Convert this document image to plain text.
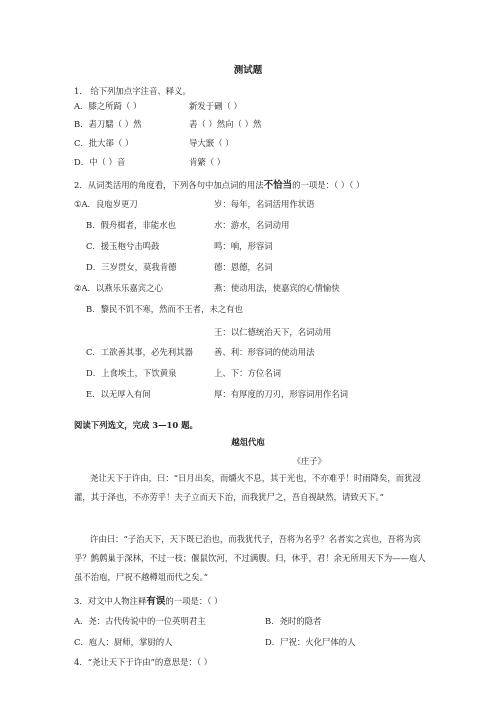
测试题
1． 给下列加点字注音、释义。
A．膝之所踦（ ）	新发于硎（ ）
B．砉刀騞（ ）然	砉（ ）然向（ ）然
C．批大郤（ ）	导大窾（ ）
D．中（ ）音	肯綮（ ）
2．从词类活用的角度看，下列各句中加点词的用法不恰当的一项是：（ ）（ ）
①A．良庖岁更刀	岁：每年，名词活用作状语
B．假舟楫者，非能水也	水：游水，名词动用
C．援玉枹兮击鸣鼓	鸣：响，形容词
D．三岁贯女，莫我肯德	德：恩德，名词
②A．以燕乐乐嘉宾之心	燕：使动用法，使嘉宾的心情愉快
B．黎民不饥不寒，然而不王者，未之有也
王：以仁德统治天下，名词动用
C．工欲善其事，必先利其器	善、利：形容词的使动用法
D．上食埃土，下饮黄泉	上、下：方位名词
E．以无厚入有间	厚：有厚度的刀刃，形容词用作名词
阅读下列选文，完成 3—10 题。
越俎代庖
《庄子》
尧让天下于许由，曰：“日月出矣，而爝火不息，其于光也，不亦难乎！时雨降矣，而犹浸灌，其于泽也，不亦劳乎！夫子立而天下治，而我犹尸之，吾自视缺然，请致天下。”
许由曰：“子治天下，天下既已治也，而我犹代子，吾将为名乎？名者实之宾也，吾将为宾乎？鹪鹩巢于深林，不过一枝；偃鼠饮河，不过满腹。归，休乎，君！余无所用天下为——庖人虽不治庖，尸祝不越樽俎而代之矣。”
3．对文中人物注释有误的一项是：（ ）
A．尧：古代传说中的一位英明君主	B．尧时的隐者
C．庖人：厨师，掌厨的人	D．尸祝：火化尸体的人
4．“尧让天下于许由”的意思是：（ ）
